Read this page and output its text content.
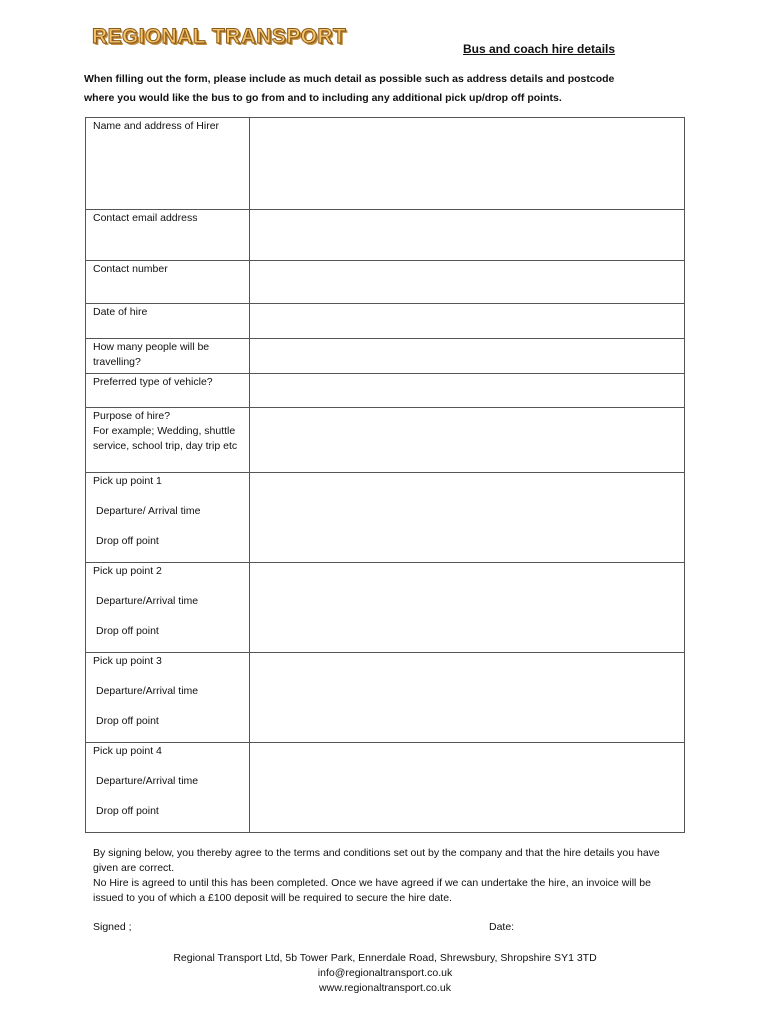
REGIONAL TRANSPORT
Bus and coach hire details
When filling out the form, please include as much detail as possible such as address details and postcode
where you would like the bus to go from and to including any additional pick up/drop off points.
Name and address of Hirer	
Contact email address	
Contact number	
Date of hire	
How many people will be travelling?	
Preferred type of vehicle?	

Purpose of hire?
For example; Wedding, shuttle service, school trip, day trip etc	

Pick up point 1
Departure/ Arrival time
Drop off point	

Pick up point 2
Departure/Arrival time
Drop off point	

Pick up point 3
Departure/Arrival time
Drop off point	

Pick up point 4
Departure/Arrival time
Drop off point	

By signing below, you thereby agree to the terms and conditions set out by the company and that the hire details you have given are correct.
No Hire is agreed to until this has been completed. Once we have agreed if we can undertake the hire, an invoice will be issued to you of which a £100 deposit will be required to secure the hire date.
Signed ;	Date:
Regional Transport Ltd, 5b Tower Park, Ennerdale Road, Shrewsbury, Shropshire SY1 3TD
info@regionaltransport.co.uk
www.regionaltransport.co.uk
